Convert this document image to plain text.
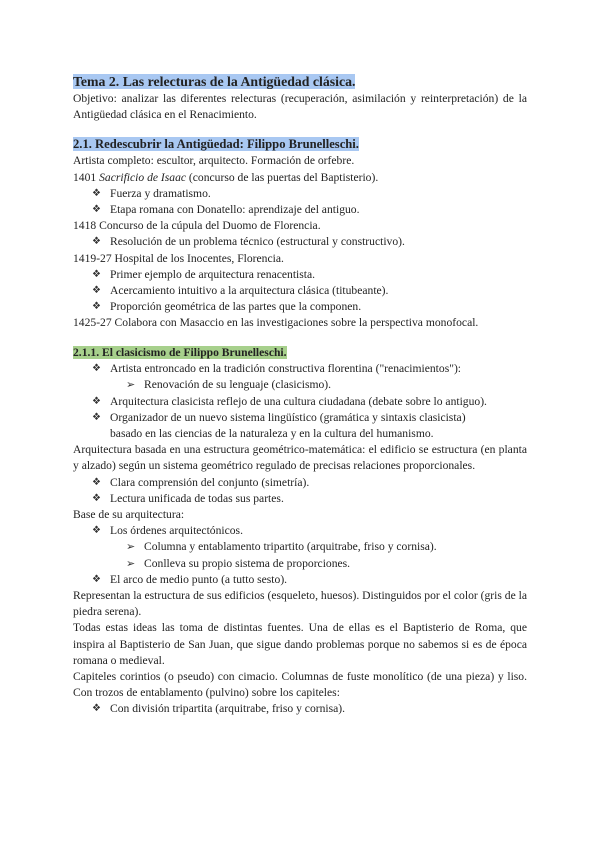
Tema 2. Las relecturas de la Antigüedad clásica.

Objetivo: analizar las diferentes relecturas (recuperación, asimilación y reinterpretación) de la Antigüedad clásica en el Renacimiento.

2.1. Redescubrir la Antigüedad: Filippo Brunelleschi.

Artista completo: escultor, arquitecto. Formación de orfebre.

1401 Sacrificio de Isaac (concurso de las puertas del Baptisterio).

❖ Fuerza y dramatismo.
❖ Etapa romana con Donatello: aprendizaje del antiguo.

1418 Concurso de la cúpula del Duomo de Florencia.

❖ Resolución de un problema técnico (estructural y constructivo).

1419-27 Hospital de los Inocentes, Florencia.

❖ Primer ejemplo de arquitectura renacentista.
❖ Acercamiento intuitivo a la arquitectura clásica (titubeante).
❖ Proporción geométrica de las partes que la componen.

1425-27 Colabora con Masaccio en las investigaciones sobre la perspectiva monofocal.

2.1.1. El clasicismo de Filippo Brunelleschi.
❖ Artista entroncado en la tradición constructiva florentina ("renacimientos"):
➢ Renovación de su lenguaje (clasicismo).
❖ Arquitectura clasicista reflejo de una cultura ciudadana (debate sobre lo antiguo).
❖ Organizador de un nuevo sistema lingüístico (gramática y sintaxis clasicista)
basado en las ciencias de la naturaleza y en la cultura del humanismo.

Arquitectura basada en una estructura geométrico-matemática: el edificio se estructura (en planta y alzado) según un sistema geométrico regulado de precisas relaciones proporcionales.

❖ Clara comprensión del conjunto (simetría).
❖ Lectura unificada de todas sus partes.

Base de su arquitectura:

❖ Los órdenes arquitectónicos.
➢ Columna y entablamento tripartito (arquitrabe, friso y cornisa).
➢ Conlleva su propio sistema de proporciones.
❖ El arco de medio punto (a tutto sesto).

Representan la estructura de sus edificios (esqueleto, huesos). Distinguidos por el color (gris de la piedra serena).

Todas estas ideas las toma de distintas fuentes. Una de ellas es el Baptisterio de Roma, que inspira al Baptisterio de San Juan, que sigue dando problemas porque no sabemos si es de época romana o medieval.

Capiteles corintios (o pseudo) con cimacio. Columnas de fuste monolítico (de una pieza) y liso. Con trozos de entablamento (pulvino) sobre los capiteles:

❖ Con división tripartita (arquitrabe, friso y cornisa).
